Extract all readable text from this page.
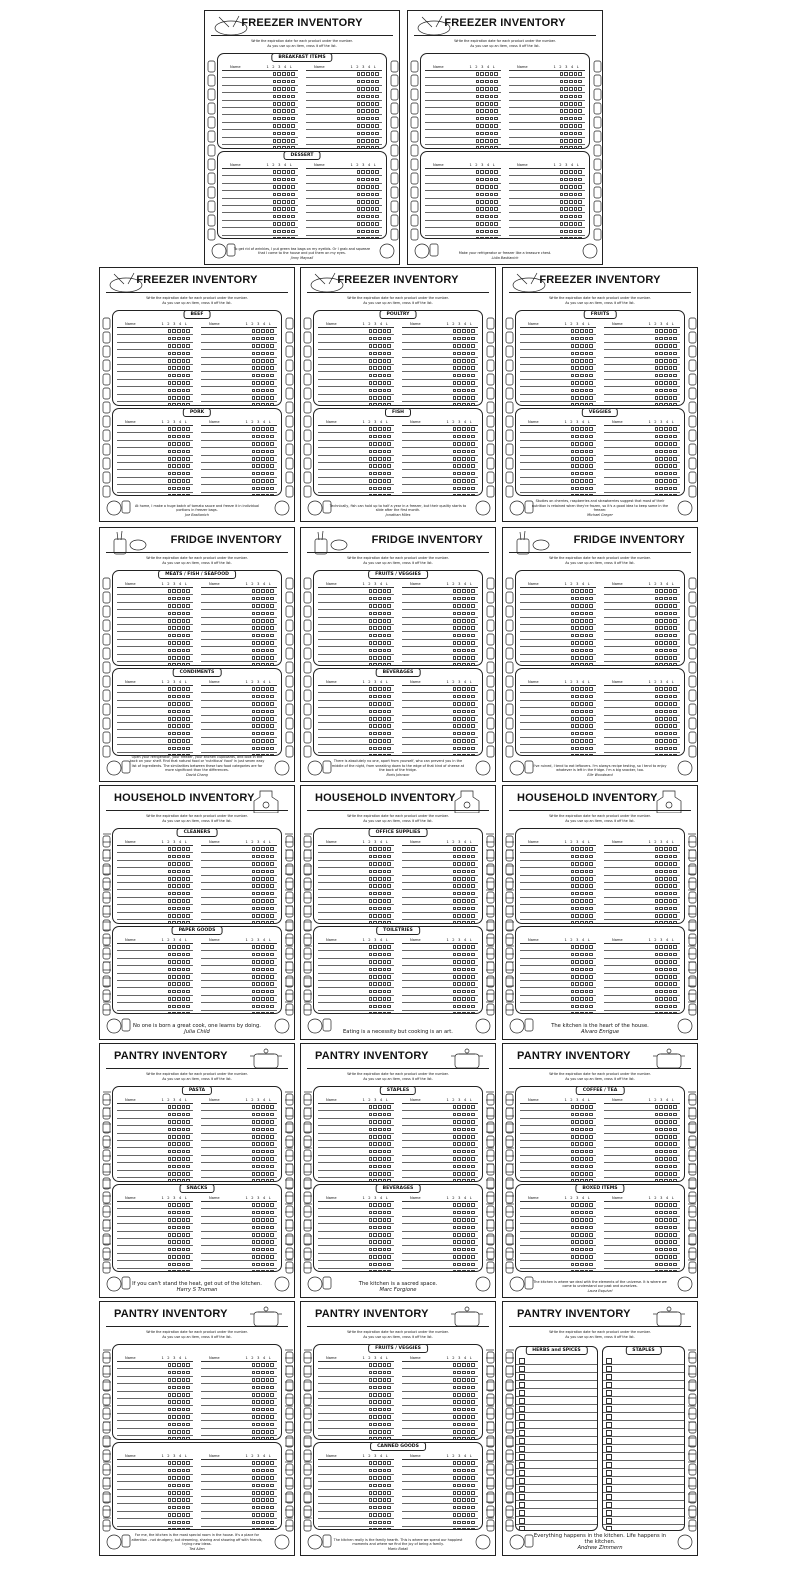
FREEZER INVENTORY
Write the expiration date for each product under the number.
As you use up an item, cross it off the list.
BREAKFAST ITEMS
Name	1 2 3 4 L	Name	1 2 3 4 L
DESSERT
Name	1 2 3 4 L	Name	1 2 3 4 L
To get rid of wrinkles, I put green tea bags on my eyelids. Or I grab and squeeze that I came to the house and put them on my eyes.
Jinny Maynall
FREEZER INVENTORY
Write the expiration date for each product under the number.
As you use up an item, cross it off the list.
Name	1 2 3 4 L	Name	1 2 3 4 L
Name	1 2 3 4 L	Name	1 2 3 4 L
Make your refrigerator or freezer like a treasure chest.
Lidia Bastianich
FREEZER INVENTORY
Write the expiration date for each product under the number.
As you use up an item, cross it off the list.
BEEF
Name	1 2 3 4 L	Name	1 2 3 4 L
PORK
Name	1 2 3 4 L	Name	1 2 3 4 L
At home, I make a huge batch of tomato sauce and freeze it in individual portions in freezer bags.
Joe Bastianich
FREEZER INVENTORY
Write the expiration date for each product under the number.
As you use up an item, cross it off the list.
POULTRY
Name	1 2 3 4 L	Name	1 2 3 4 L
FISH
Name	1 2 3 4 L	Name	1 2 3 4 L
Technically, fish can hold up to half a year in a freezer, but their quality starts to slide after the first month.
Jonathan Miles
FREEZER INVENTORY
Write the expiration date for each product under the number.
As you use up an item, cross it off the list.
FRUITS
Name	1 2 3 4 L	Name	1 2 3 4 L
VEGGIES
Name	1 2 3 4 L	Name	1 2 3 4 L
Studies on cherries, raspberries and strawberries suggest that most of their nutrition is retained when they're frozen, so it's a good idea to keep some in the freezer.
Michael Greger
FRIDGE INVENTORY
Write the expiration date for each product under the number.
As you use up an item, cross it off the list.
MEATS / FISH / SEAFOOD
Name	1 2 3 4 L	Name	1 2 3 4 L
CONDIMENTS
Name	1 2 3 4 L	Name	1 2 3 4 L
Open your refrigerator, your freezer, your kitchen cupboards, and look in the back on your shelf. Find that natural food or 'nutritious' food' in just seven easy list of ingredients. The similarities between these two food categories are far more significant than the differences.
David Chang
FRIDGE INVENTORY
Write the expiration date for each product under the number.
As you use up an item, cross it off the list.
FRUITS / VEGGIES
Name	1 2 3 4 L	Name	1 2 3 4 L
BEVERAGES
Name	1 2 3 4 L	Name	1 2 3 4 L
There is absolutely no one, apart from yourself, who can prevent you in the middle of the night, from sneaking down to the edge of that kind of cheese at the back of the fridge.
Boris Johnson
FRIDGE INVENTORY
Write the expiration date for each product under the number.
As you use up an item, cross it off the list.
Name	1 2 3 4 L	Name	1 2 3 4 L
Name	1 2 3 4 L	Name	1 2 3 4 L
I've ruined, I tend to eat leftovers. I'm always recipe testing, so I tend to enjoy whatever is left in the fridge. I'm a big snacker, too.
Elle Woodward
HOUSEHOLD INVENTORY
Write the expiration date for each product under the number.
As you use up an item, cross it off the list.
CLEANERS
Name	1 2 3 4 L	Name	1 2 3 4 L
PAPER GOODS
Name	1 2 3 4 L	Name	1 2 3 4 L
No one is born a great cook, one learns by doing.
Julia Child
HOUSEHOLD INVENTORY
Write the expiration date for each product under the number.
As you use up an item, cross it off the list.
OFFICE SUPPLIES
Name	1 2 3 4 L	Name	1 2 3 4 L
TOILETRIES
Name	1 2 3 4 L	Name	1 2 3 4 L
Eating is a necessity but cooking is an art.
HOUSEHOLD INVENTORY
Write the expiration date for each product under the number.
As you use up an item, cross it off the list.
Name	1 2 3 4 L	Name	1 2 3 4 L
Name	1 2 3 4 L	Name	1 2 3 4 L
The kitchen is the heart of the house.
Alvaro Enrigue
PANTRY INVENTORY
Write the expiration date for each product under the number.
As you use up an item, cross it off the list.
PASTA
Name	1 2 3 4 L	Name	1 2 3 4 L
SNACKS
Name	1 2 3 4 L	Name	1 2 3 4 L
If you can't stand the heat, get out of the kitchen.
Harry S Truman
PANTRY INVENTORY
Write the expiration date for each product under the number.
As you use up an item, cross it off the list.
STAPLES
Name	1 2 3 4 L	Name	1 2 3 4 L
BEVERAGES
Name	1 2 3 4 L	Name	1 2 3 4 L
The kitchen is a sacred space.
Marc Forgione
PANTRY INVENTORY
Write the expiration date for each product under the number.
As you use up an item, cross it off the list.
COFFEE / TEA
Name	1 2 3 4 L	Name	1 2 3 4 L
BOXED ITEMS
Name	1 2 3 4 L	Name	1 2 3 4 L
The kitchen is where we deal with the elements of the universe. It is where we come to understand our past and ourselves.
Laura Esquivel
PANTRY INVENTORY
Write the expiration date for each product under the number.
As you use up an item, cross it off the list.
Name	1 2 3 4 L	Name	1 2 3 4 L
Name	1 2 3 4 L	Name	1 2 3 4 L
For me, the kitchen is the most special room in the house. It's a place for attention - not drudgery, but dreaming, sharing and showing off with friends, trying new ideas.
Ted Allen
PANTRY INVENTORY
Write the expiration date for each product under the number.
As you use up an item, cross it off the list.
FRUITS / VEGGIES
Name	1 2 3 4 L	Name	1 2 3 4 L
CANNED GOODS
Name	1 2 3 4 L	Name	1 2 3 4 L
The kitchen really is the family hearth. This is where we spend our happiest moments and where we find the joy of being a family.
Mario Batali
PANTRY INVENTORY
Write the expiration date for each product under the number.
As you use up an item, cross it off the list.
HERBS and SPICES	STAPLES
Everything happens in the kitchen. Life happens in the kitchen.
Andrew Zimmern
